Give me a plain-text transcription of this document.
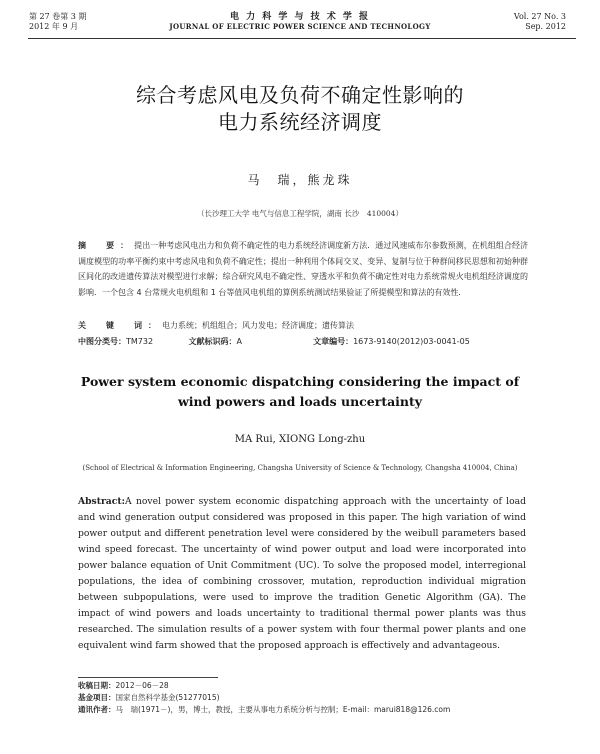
第 27 卷第 3 期
2012 年 9 月
电 力 科 学 与 技 术 学 报
JOURNAL OF ELECTRIC POWER SCIENCE AND TECHNOLOGY
Vol. 27 No. 3
Sep. 2012
综合考虑风电及负荷不确定性影响的
电力系统经济调度
马　瑞，熊龙珠
（长沙理工大学 电气与信息工程学院，湖南 长沙　410004）
摘　要：提出一种考虑风电出力和负荷不确定性的电力系统经济调度新方法．通过风速威布尔参数预测，在机组组合经济调度模型的功率平衡约束中考虑风电和负荷不确定性；提出一种利用个体间交叉、变异、复制与位于种群间移民思想和初始种群区间化的改进遗传算法对模型进行求解；综合研究风电不确定性、穿透水平和负荷不确定性对电力系统常规火电机组经济调度的影响．一个包含 4 台常规火电机组和 1 台等值风电机组的算例系统测试结果验证了所提模型和算法的有效性．
关　键　词：电力系统；机组组合；风力发电；经济调度；遗传算法
中图分类号：TM732	文献标识码：A	文章编号：1673-9140(2012)03-0041-05
Power system economic dispatching considering the impact of
wind powers and loads uncertainty
MA Rui, XIONG Long-zhu
(School of Electrical & Information Engineering, Changsha University of Science & Technology, Changsha 410004, China)
Abstract:A novel power system economic dispatching approach with the uncertainty of load and wind generation output considered was proposed in this paper. The high variation of wind power output and different penetration level were considered by the weibull parameters based wind speed forecast. The uncertainty of wind power output and load were incorporated into power balance equation of Unit Commitment (UC). To solve the proposed model, interregional populations, the idea of combining crossover, mutation, reproduction individual migration between subpopulations, were used to improve the tradition Genetic Algorithm (GA). The impact of wind powers and loads uncertainty to traditional thermal power plants was thus researched. The simulation results of a power system with four thermal power plants and one equivalent wind farm showed that the proposed approach is effectively and advantageous.
收稿日期：2012－06－28
基金项目：国家自然科学基金(51277015)
通讯作者：马　瑞(1971－)，男，博士，教授，主要从事电力系统分析与控制；E-mail：marui818@126.com
